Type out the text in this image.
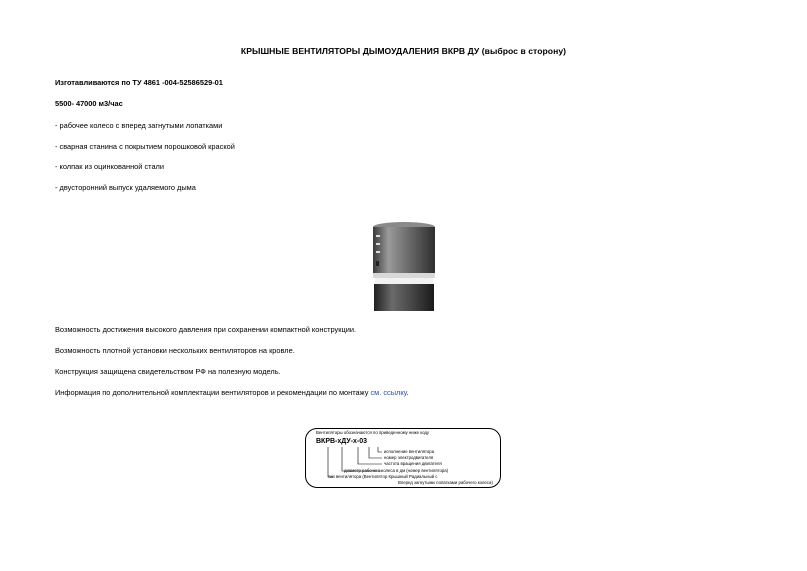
КРЫШНЫЕ ВЕНТИЛЯТОРЫ ДЫМОУДАЛЕНИЯ ВКРВ ДУ (выброс в сторону)
Изготавливаются по ТУ 4861 -004-52586529-01
5500- 47000 м3/час
- рабочее колесо с вперед загнутыми лопатками
- сварная станина с покрытием порошковой краской
- колпак из оцинкованной стали
- двусторонний выпуск удаляемого дыма
Возможность достижения высокого давления при сохранении компактной конструкции.
Возможность плотной установки нескольких вентиляторов на кровле.
Конструкция защищена свидетельством РФ на полезную модель.
Информация по дополнительной комплектации вентиляторов и рекомендации по монтажу см. ссылку.
Вентиляторы обозначаются по приведенному ниже коду
ВКРВ-хДУ-х-03
исполнение вентилятора
номер электродвигателя
частота вращения двигателя
диаметр рабочего колеса в дм (номер вентилятора)
тип вентилятора (Вентилятор Крышный Радиальный с
Вперед загнутыми лопатками рабочего колеса)
